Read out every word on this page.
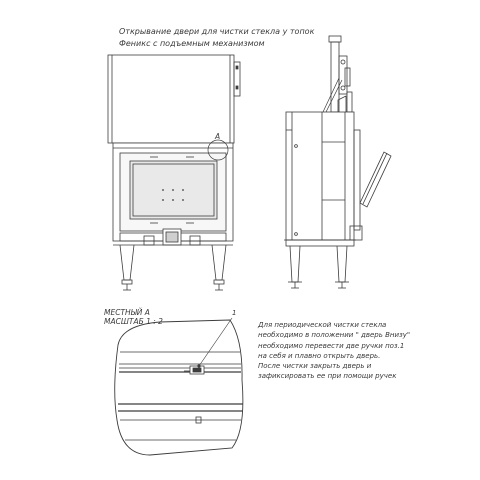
Открывание двери для чистки стекла у топок
Феникс с подъемным механизмом
A
1
МЕСТНЫЙ А
МАСШТАБ 1 : 2	Для периодической чистки стекла
необходимо в положении " дверь Внизу"
необходимо перевести две ручки поз.1
на себя и плавно открыть дверь.
После чистки закрыть дверь и
зафиксировать ее при помощи ручек
